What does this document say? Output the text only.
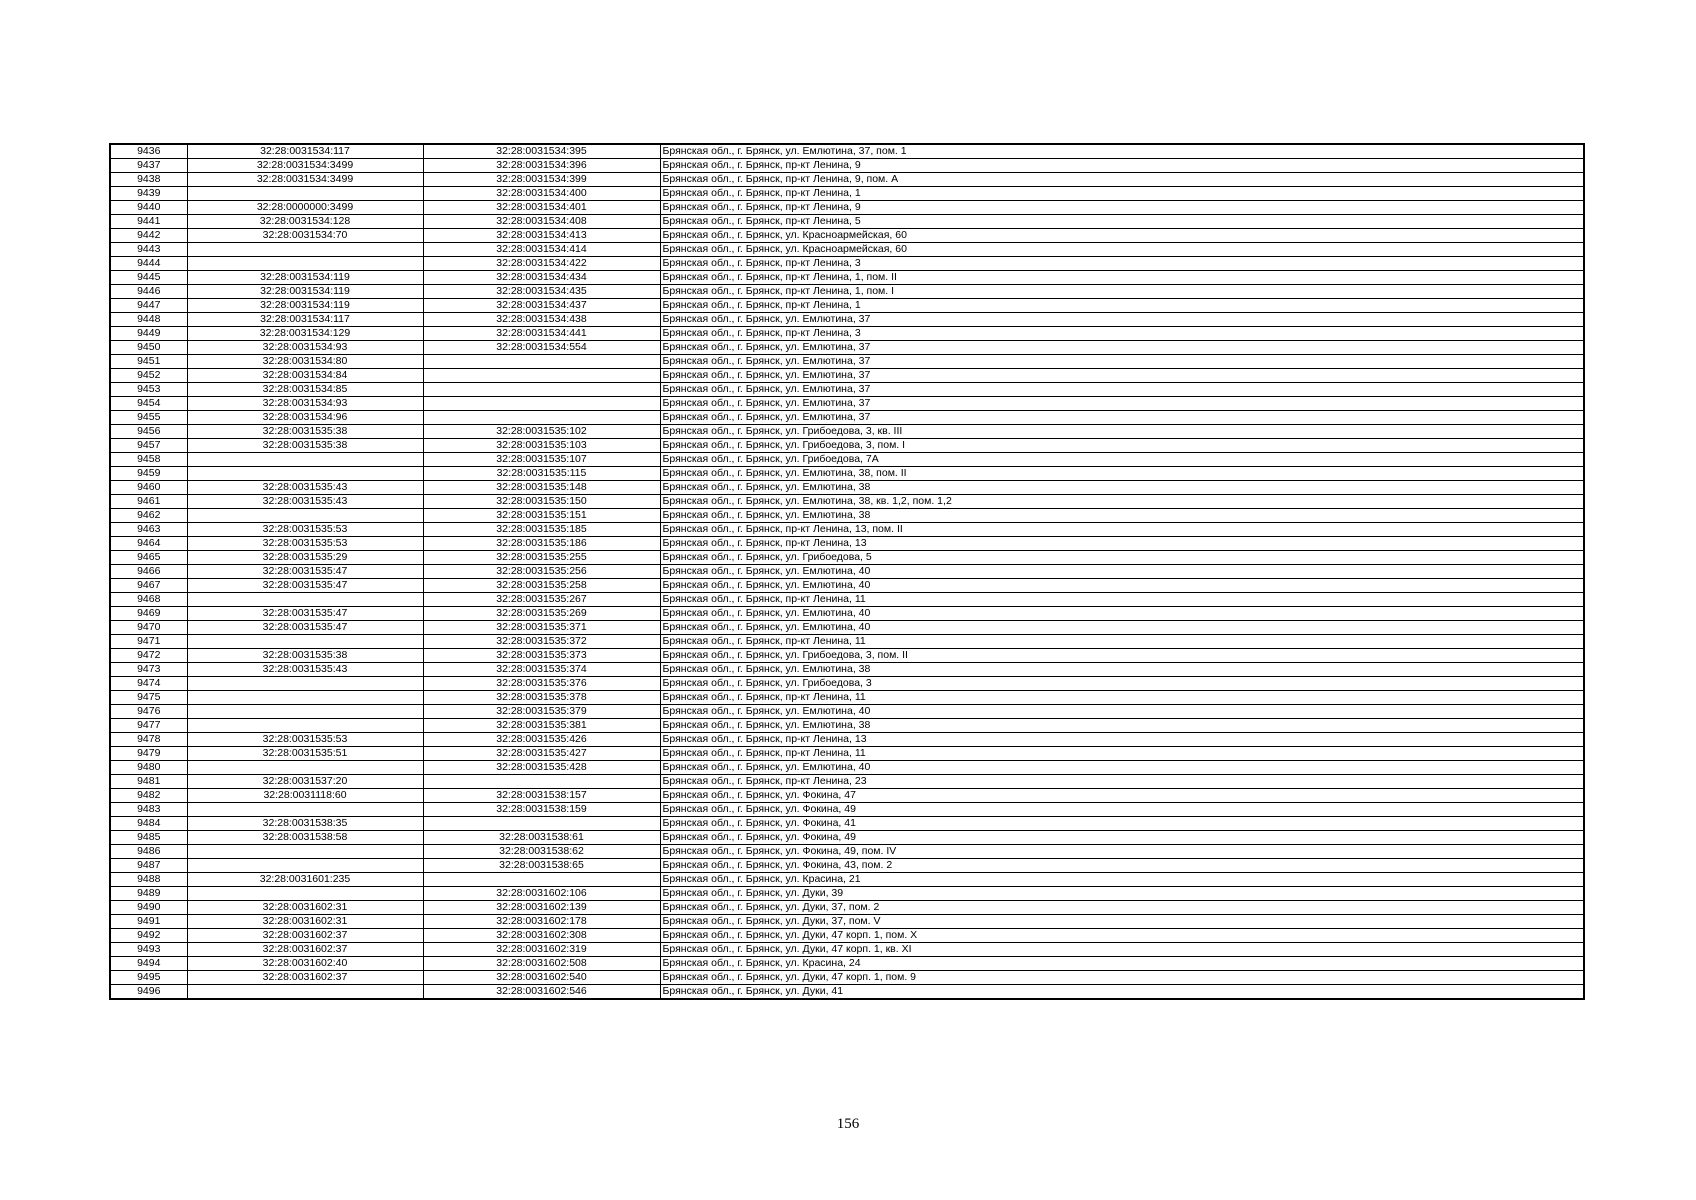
9436	32:28:0031534:117	32:28:0031534:395	Брянская обл., г. Брянск, ул. Емлютина, 37, пом. 1
9437	32:28:0031534:3499	32:28:0031534:396	Брянская обл., г. Брянск, пр-кт Ленина, 9
9438	32:28:0031534:3499	32:28:0031534:399	Брянская обл., г. Брянск, пр-кт Ленина, 9, пом. А
9439		32:28:0031534:400	Брянская обл., г. Брянск, пр-кт Ленина, 1
9440	32:28:0000000:3499	32:28:0031534:401	Брянская обл., г. Брянск, пр-кт Ленина, 9
9441	32:28:0031534:128	32:28:0031534:408	Брянская обл., г. Брянск, пр-кт Ленина, 5
9442	32:28:0031534:70	32:28:0031534:413	Брянская обл., г. Брянск, ул. Красноармейская, 60
9443		32:28:0031534:414	Брянская обл., г. Брянск, ул. Красноармейская, 60
9444		32:28:0031534:422	Брянская обл., г. Брянск, пр-кт Ленина, 3
9445	32:28:0031534:119	32:28:0031534:434	Брянская обл., г. Брянск, пр-кт Ленина, 1, пом. II
9446	32:28:0031534:119	32:28:0031534:435	Брянская обл., г. Брянск, пр-кт Ленина, 1, пом. I
9447	32:28:0031534:119	32:28:0031534:437	Брянская обл., г. Брянск, пр-кт Ленина, 1
9448	32:28:0031534:117	32:28:0031534:438	Брянская обл., г. Брянск, ул. Емлютина, 37
9449	32:28:0031534:129	32:28:0031534:441	Брянская обл., г. Брянск, пр-кт Ленина, 3
9450	32:28:0031534:93	32:28:0031534:554	Брянская обл., г. Брянск, ул. Емлютина, 37
9451	32:28:0031534:80		Брянская обл., г. Брянск, ул. Емлютина, 37
9452	32:28:0031534:84		Брянская обл., г. Брянск, ул. Емлютина, 37
9453	32:28:0031534:85		Брянская обл., г. Брянск, ул. Емлютина, 37
9454	32:28:0031534:93		Брянская обл., г. Брянск, ул. Емлютина, 37
9455	32:28:0031534:96		Брянская обл., г. Брянск, ул. Емлютина, 37
9456	32:28:0031535:38	32:28:0031535:102	Брянская обл., г. Брянск, ул. Грибоедова, 3, кв. III
9457	32:28:0031535:38	32:28:0031535:103	Брянская обл., г. Брянск, ул. Грибоедова, 3, пом. I
9458		32:28:0031535:107	Брянская обл., г. Брянск, ул. Грибоедова, 7А
9459		32:28:0031535:115	Брянская обл., г. Брянск, ул. Емлютина, 38, пом. II
9460	32:28:0031535:43	32:28:0031535:148	Брянская обл., г. Брянск, ул. Емлютина, 38
9461	32:28:0031535:43	32:28:0031535:150	Брянская обл., г. Брянск, ул. Емлютина, 38, кв. 1,2, пом. 1,2
9462		32:28:0031535:151	Брянская обл., г. Брянск, ул. Емлютина, 38
9463	32:28:0031535:53	32:28:0031535:185	Брянская обл., г. Брянск, пр-кт Ленина, 13, пом. II
9464	32:28:0031535:53	32:28:0031535:186	Брянская обл., г. Брянск, пр-кт Ленина, 13
9465	32:28:0031535:29	32:28:0031535:255	Брянская обл., г. Брянск, ул. Грибоедова, 5
9466	32:28:0031535:47	32:28:0031535:256	Брянская обл., г. Брянск, ул. Емлютина, 40
9467	32:28:0031535:47	32:28:0031535:258	Брянская обл., г. Брянск, ул. Емлютина, 40
9468		32:28:0031535:267	Брянская обл., г. Брянск, пр-кт Ленина, 11
9469	32:28:0031535:47	32:28:0031535:269	Брянская обл., г. Брянск, ул. Емлютина, 40
9470	32:28:0031535:47	32:28:0031535:371	Брянская обл., г. Брянск, ул. Емлютина, 40
9471		32:28:0031535:372	Брянская обл., г. Брянск, пр-кт Ленина, 11
9472	32:28:0031535:38	32:28:0031535:373	Брянская обл., г. Брянск, ул. Грибоедова, 3, пом. II
9473	32:28:0031535:43	32:28:0031535:374	Брянская обл., г. Брянск, ул. Емлютина, 38
9474		32:28:0031535:376	Брянская обл., г. Брянск, ул. Грибоедова, 3
9475		32:28:0031535:378	Брянская обл., г. Брянск, пр-кт Ленина, 11
9476		32:28:0031535:379	Брянская обл., г. Брянск, ул. Емлютина, 40
9477		32:28:0031535:381	Брянская обл., г. Брянск, ул. Емлютина, 38
9478	32:28:0031535:53	32:28:0031535:426	Брянская обл., г. Брянск, пр-кт Ленина, 13
9479	32:28:0031535:51	32:28:0031535:427	Брянская обл., г. Брянск, пр-кт Ленина, 11
9480		32:28:0031535:428	Брянская обл., г. Брянск, ул. Емлютина, 40
9481	32:28:0031537:20		Брянская обл., г. Брянск, пр-кт Ленина, 23
9482	32:28:0031118:60	32:28:0031538:157	Брянская обл., г. Брянск, ул. Фокина, 47
9483		32:28:0031538:159	Брянская обл., г. Брянск, ул. Фокина, 49
9484	32:28:0031538:35		Брянская обл., г. Брянск, ул. Фокина, 41
9485	32:28:0031538:58	32:28:0031538:61	Брянская обл., г. Брянск, ул. Фокина, 49
9486		32:28:0031538:62	Брянская обл., г. Брянск, ул. Фокина, 49, пом. IV
9487		32:28:0031538:65	Брянская обл., г. Брянск, ул. Фокина, 43, пом. 2
9488	32:28:0031601:235		Брянская обл., г. Брянск, ул. Красина, 21
9489		32:28:0031602:106	Брянская обл., г. Брянск, ул. Дуки, 39
9490	32:28:0031602:31	32:28:0031602:139	Брянская обл., г. Брянск, ул. Дуки, 37, пом. 2
9491	32:28:0031602:31	32:28:0031602:178	Брянская обл., г. Брянск, ул. Дуки, 37, пом. V
9492	32:28:0031602:37	32:28:0031602:308	Брянская обл., г. Брянск, ул. Дуки, 47 корп. 1, пом. X
9493	32:28:0031602:37	32:28:0031602:319	Брянская обл., г. Брянск, ул. Дуки, 47 корп. 1, кв. XI
9494	32:28:0031602:40	32:28:0031602:508	Брянская обл., г. Брянск, ул. Красина, 24
9495	32:28:0031602:37	32:28:0031602:540	Брянская обл., г. Брянск, ул. Дуки, 47 корп. 1, пом. 9
9496		32:28:0031602:546	Брянская обл., г. Брянск, ул. Дуки, 41
156
